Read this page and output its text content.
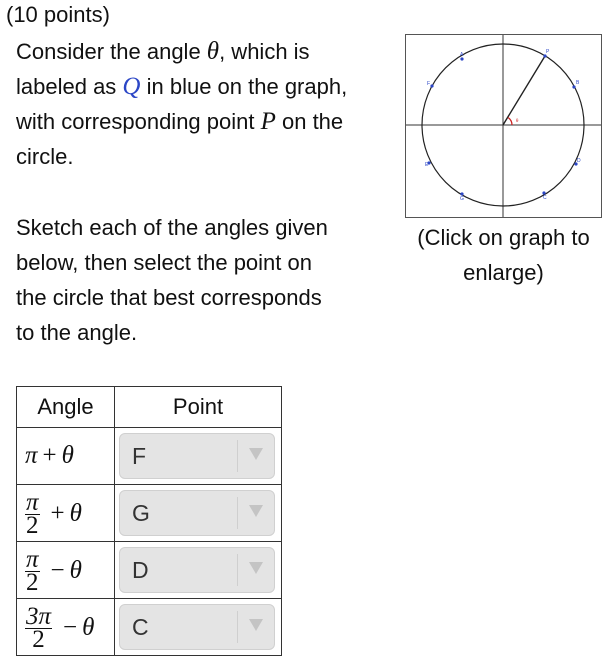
(10 points)
Consider the angle θ, which is labeled as Q in blue on the graph, with corresponding point P on the circle.
Sketch each of the angles given below, then select the point on the circle that best corresponds to the angle.
θ
P
B
D
C
G
E
F
A
(Click on graph to enlarge)
Angle	Point

π + θ	F

$\frac{\pi}{2} + \theta$	G

$\frac{\pi}{2} - \theta$	D

$\frac{3\pi}{2} - \theta$	C
